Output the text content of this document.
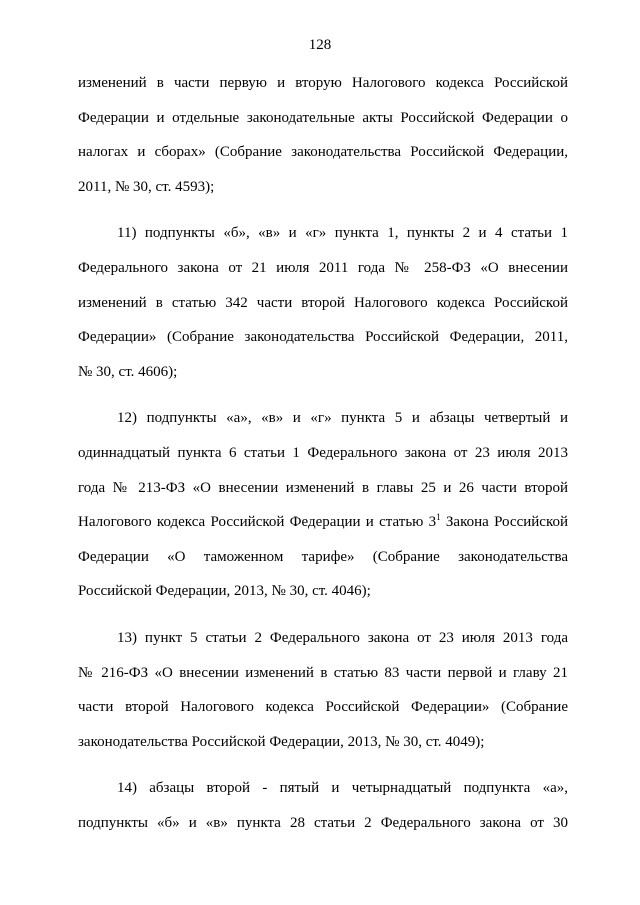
128
изменений в части первую и вторую Налогового кодекса Российской
Федерации и отдельные законодательные акты Российской Федерации о
налогах и сборах» (Собрание законодательства Российской Федерации,
2011, № 30, ст. 4593);
11) подпункты «б», «в» и «г» пункта 1, пункты 2 и 4 статьи 1
Федерального закона от 21 июля 2011 года № 258-ФЗ «О внесении
изменений в статью 342 части второй Налогового кодекса Российской
Федерации» (Собрание законодательства Российской Федерации, 2011,
№ 30, ст. 4606);
12) подпункты «а», «в» и «г» пункта 5 и абзацы четвертый и
одиннадцатый пункта 6 статьи 1 Федерального закона от 23 июля 2013
года № 213-ФЗ «О внесении изменений в главы 25 и 26 части второй
Налогового кодекса Российской Федерации и статью $3^1$ Закона Российской
Федерации «О таможенном тарифе» (Собрание законодательства
Российской Федерации, 2013, № 30, ст. 4046);
13) пункт 5 статьи 2 Федерального закона от 23 июля 2013 года
№ 216-ФЗ «О внесении изменений в статью 83 части первой и главу 21
части второй Налогового кодекса Российской Федерации» (Собрание
законодательства Российской Федерации, 2013, № 30, ст. 4049);
14) абзацы второй - пятый и четырнадцатый подпункта «а»,
подпункты «б» и «в» пункта 28 статьи 2 Федерального закона от 30
